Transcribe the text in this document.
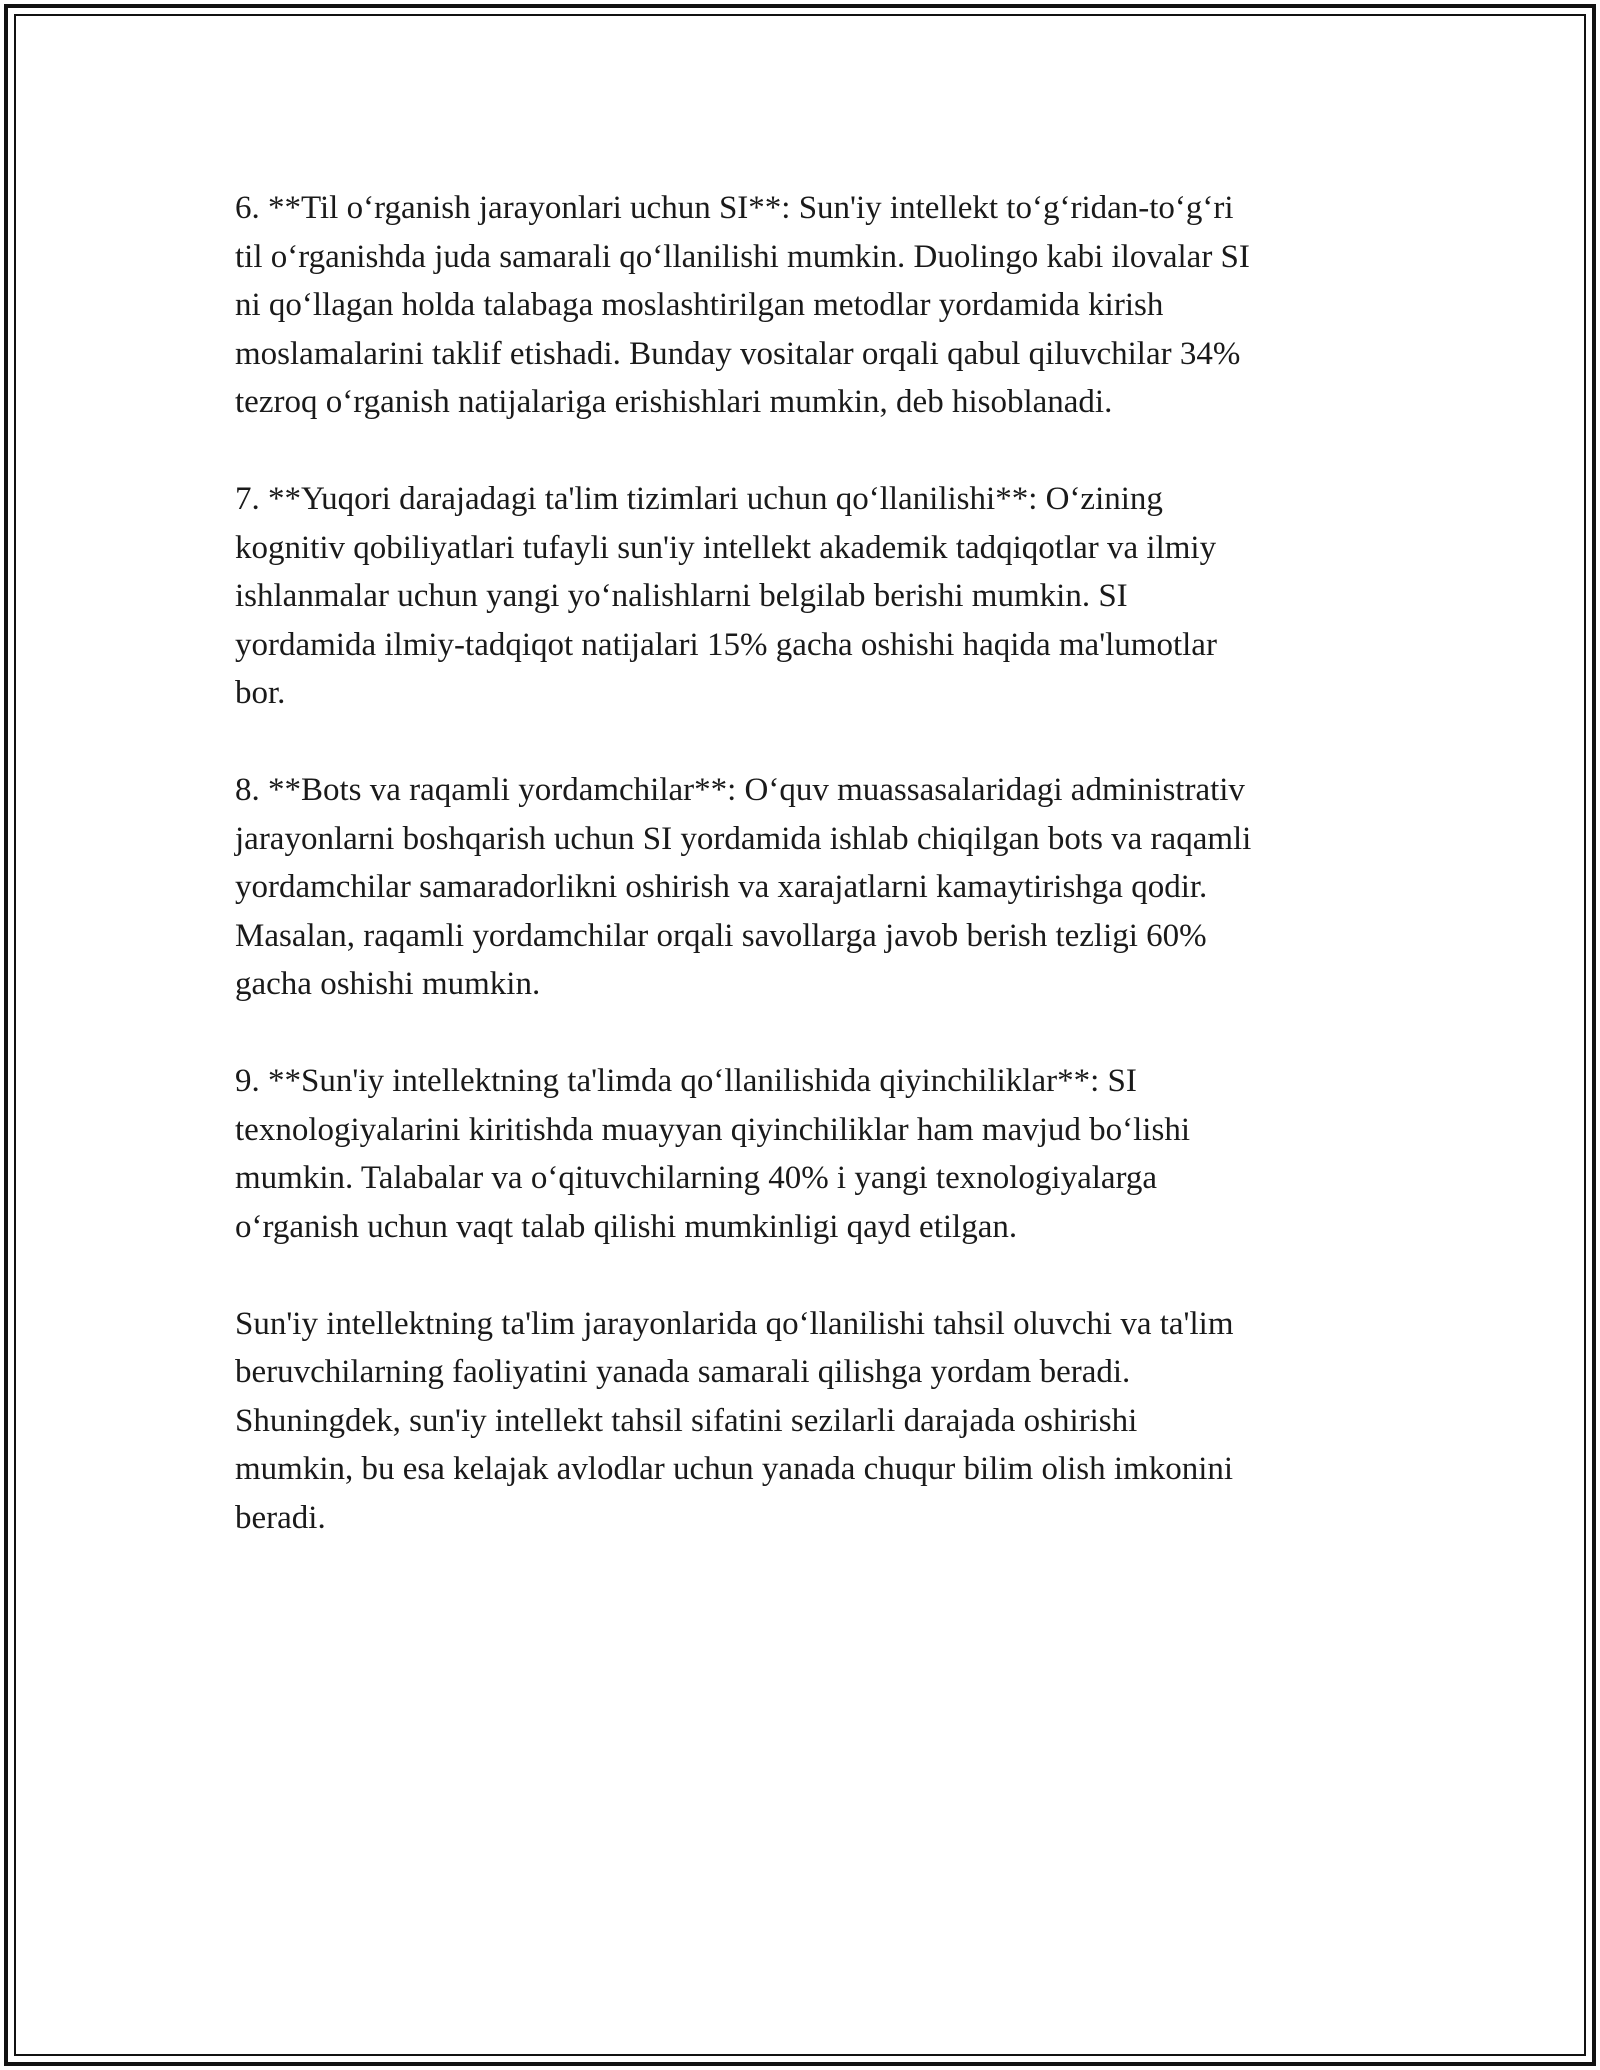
6. **Til o‘rganish jarayonlari uchun SI**: Sun'iy intellekt to‘g‘ridan-to‘g‘ri
til o‘rganishda juda samarali qo‘llanilishi mumkin. Duolingo kabi ilovalar SI
ni qo‘llagan holda talabaga moslashtirilgan metodlar yordamida kirish
moslamalarini taklif etishadi. Bunday vositalar orqali qabul qiluvchilar 34%
tezroq o‘rganish natijalariga erishishlari mumkin, deb hisoblanadi.

7. **Yuqori darajadagi ta'lim tizimlari uchun qo‘llanilishi**: O‘zining
kognitiv qobiliyatlari tufayli sun'iy intellekt akademik tadqiqotlar va ilmiy
ishlanmalar uchun yangi yo‘nalishlarni belgilab berishi mumkin. SI
yordamida ilmiy-tadqiqot natijalari 15% gacha oshishi haqida ma'lumotlar
bor.

8. **Bots va raqamli yordamchilar**: O‘quv muassasalaridagi administrativ
jarayonlarni boshqarish uchun SI yordamida ishlab chiqilgan bots va raqamli
yordamchilar samaradorlikni oshirish va xarajatlarni kamaytirishga qodir.
Masalan, raqamli yordamchilar orqali savollarga javob berish tezligi 60%
gacha oshishi mumkin.

9. **Sun'iy intellektning ta'limda qo‘llanilishida qiyinchiliklar**: SI
texnologiyalarini kiritishda muayyan qiyinchiliklar ham mavjud bo‘lishi
mumkin. Talabalar va o‘qituvchilarning 40% i yangi texnologiyalarga
o‘rganish uchun vaqt talab qilishi mumkinligi qayd etilgan.

Sun'iy intellektning ta'lim jarayonlarida qo‘llanilishi tahsil oluvchi va ta'lim
beruvchilarning faoliyatini yanada samarali qilishga yordam beradi.
Shuningdek, sun'iy intellekt tahsil sifatini sezilarli darajada oshirishi
mumkin, bu esa kelajak avlodlar uchun yanada chuqur bilim olish imkonini
beradi.
